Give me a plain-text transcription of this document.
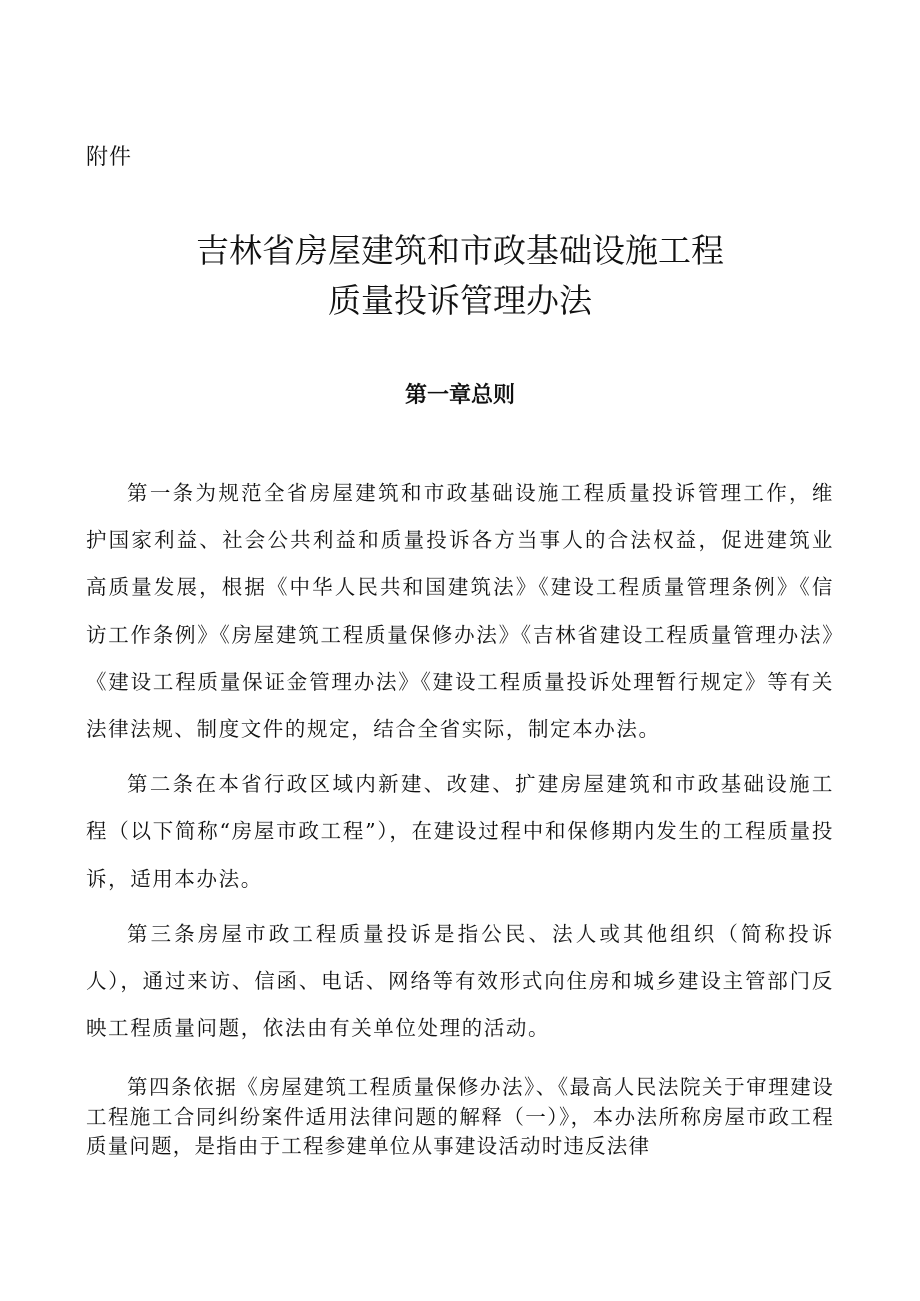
附件
吉林省房屋建筑和市政基础设施工程
质量投诉管理办法
第一章总则

第一条为规范全省房屋建筑和市政基础设施工程质量投诉管理工作，维护国家利益、社会公共利益和质量投诉各方当事人的合法权益，促进建筑业高质量发展，根据《中华人民共和国建筑法》《建设工程质量管理条例》《信访工作条例》《房屋建筑工程质量保修办法》《吉林省建设工程质量管理办法》《建设工程质量保证金管理办法》《建设工程质量投诉处理暂行规定》等有关法律法规、制度文件的规定，结合全省实际，制定本办法。

第二条在本省行政区域内新建、改建、扩建房屋建筑和市政基础设施工程（以下简称“房屋市政工程”），在建设过程中和保修期内发生的工程质量投诉，适用本办法。

第三条房屋市政工程质量投诉是指公民、法人或其他组织（简称投诉人），通过来访、信函、电话、网络等有效形式向住房和城乡建设主管部门反映工程质量问题，依法由有关单位处理的活动。

第四条依据《房屋建筑工程质量保修办法》、《最高人民法院关于审理建设工程施工合同纠纷案件适用法律问题的解释（一）》，本办法所称房屋市政工程质量问题，是指由于工程参建单位从事建设活动时违反法律
